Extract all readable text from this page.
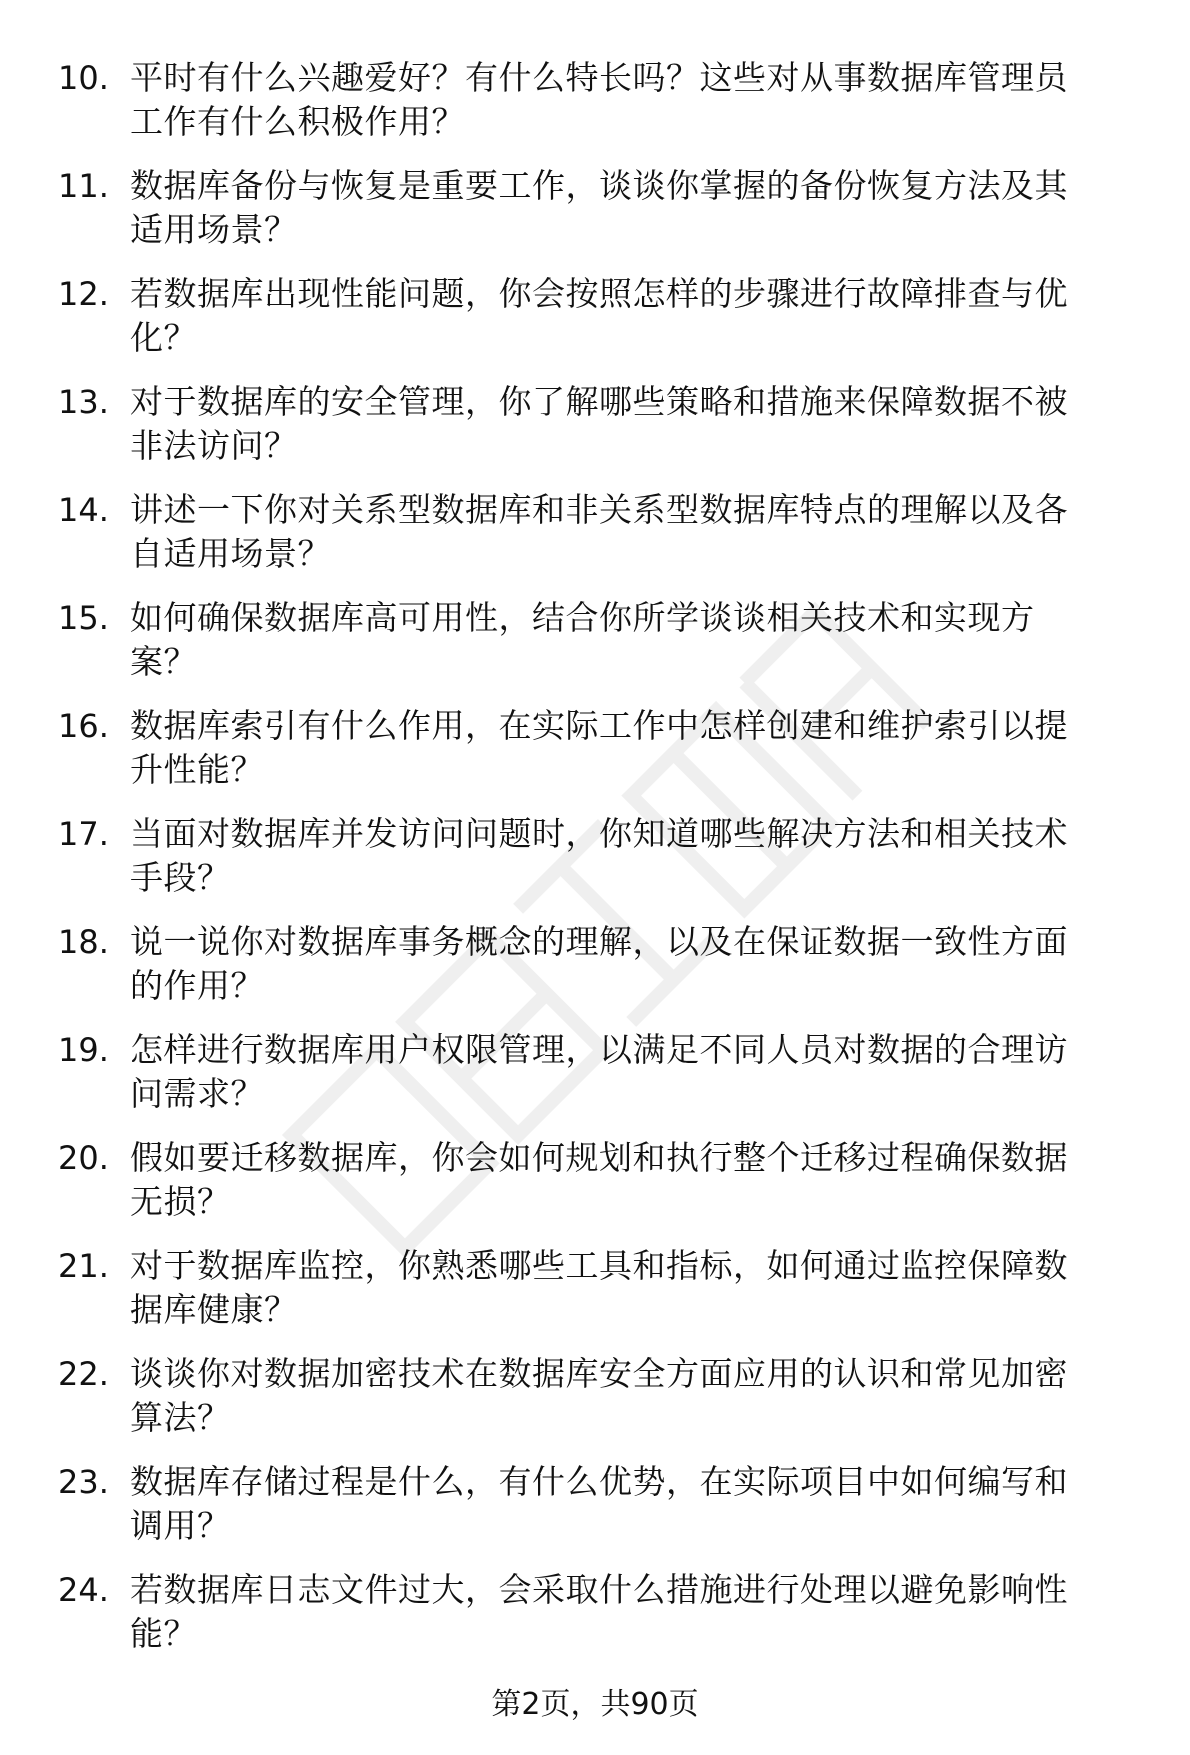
10. 平时有什么兴趣爱好？有什么特长吗？这些对从事数据库管理员
工作有什么积极作用？
11. 数据库备份与恢复是重要工作，谈谈你掌握的备份恢复方法及其
适用场景？
12. 若数据库出现性能问题，你会按照怎样的步骤进行故障排查与优
化？
13. 对于数据库的安全管理，你了解哪些策略和措施来保障数据不被
非法访问？
14. 讲述一下你对关系型数据库和非关系型数据库特点的理解以及各
自适用场景？
15. 如何确保数据库高可用性，结合你所学谈谈相关技术和实现方
案？
16. 数据库索引有什么作用，在实际工作中怎样创建和维护索引以提
升性能？
17. 当面对数据库并发访问问题时，你知道哪些解决方法和相关技术
手段？
18. 说一说你对数据库事务概念的理解，以及在保证数据一致性方面
的作用？
19. 怎样进行数据库用户权限管理，以满足不同人员对数据的合理访
问需求？
20. 假如要迁移数据库，你会如何规划和执行整个迁移过程确保数据
无损？
21. 对于数据库监控，你熟悉哪些工具和指标，如何通过监控保障数
据库健康？
22. 谈谈你对数据加密技术在数据库安全方面应用的认识和常见加密
算法？
23. 数据库存储过程是什么，有什么优势，在实际项目中如何编写和
调用？
24. 若数据库日志文件过大，会采取什么措施进行处理以避免影响性
能？
第2页，共90页
